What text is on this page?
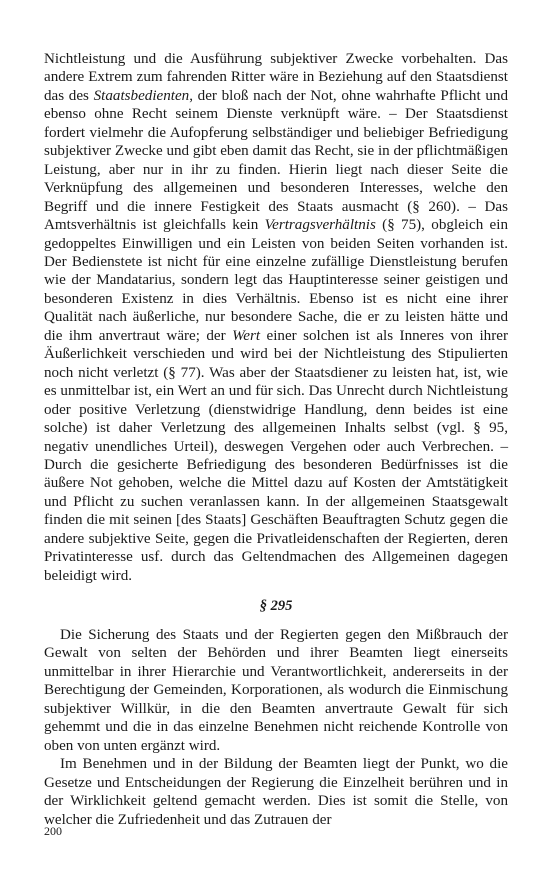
Nichtleistung und die Ausführung subjektiver Zwecke vorbehalten. Das andere Extrem zum fahrenden Ritter wäre in Beziehung auf den Staatsdienst das des Staatsbedienten, der bloß nach der Not, ohne wahrhafte Pflicht und ebenso ohne Recht seinem Dienste verknüpft wäre. – Der Staatsdienst fordert vielmehr die Aufopferung selbständiger und beliebiger Befriedigung subjektiver Zwecke und gibt eben damit das Recht, sie in der pflichtmäßigen Leistung, aber nur in ihr zu finden. Hierin liegt nach dieser Seite die Verknüpfung des allgemeinen und besonderen Interesses, welche den Begriff und die innere Festigkeit des Staats ausmacht (§ 260). – Das Amtsverhältnis ist gleichfalls kein Vertragsverhältnis (§ 75), obgleich ein gedoppeltes Einwilligen und ein Leisten von beiden Seiten vorhanden ist. Der Bedienstete ist nicht für eine einzelne zufällige Dienstleistung berufen wie der Mandatarius, sondern legt das Hauptinteresse seiner geistigen und besonderen Existenz in dies Verhältnis. Ebenso ist es nicht eine ihrer Qualität nach äußerliche, nur besondere Sache, die er zu leisten hätte und die ihm anvertraut wäre; der Wert einer solchen ist als Inneres von ihrer Äußerlichkeit verschieden und wird bei der Nichtleistung des Stipulierten noch nicht verletzt (§ 77). Was aber der Staatsdiener zu leisten hat, ist, wie es unmittelbar ist, ein Wert an und für sich. Das Unrecht durch Nichtleistung oder positive Verletzung (dienstwidrige Handlung, denn beides ist eine solche) ist daher Verletzung des allgemeinen Inhalts selbst (vgl. § 95, negativ unendliches Urteil), deswegen Vergehen oder auch Verbrechen. – Durch die gesicherte Befriedigung des besonderen Bedürfnisses ist die äußere Not gehoben, welche die Mittel dazu auf Kosten der Amtstätigkeit und Pflicht zu suchen veranlassen kann. In der allgemeinen Staatsgewalt finden die mit seinen [des Staats] Geschäften Beauftragten Schutz gegen die andere subjektive Seite, gegen die Privatleidenschaften der Regierten, deren Privatinteresse usf. durch das Geltendmachen des Allgemeinen dagegen beleidigt wird.

§ 295

Die Sicherung des Staats und der Regierten gegen den Mißbrauch der Gewalt von selten der Behörden und ihrer Beamten liegt einerseits unmittelbar in ihrer Hierarchie und Verantwortlichkeit, andererseits in der Berechtigung der Gemeinden, Korporationen, als wodurch die Einmischung subjektiver Willkür, in die den Beamten anvertraute Gewalt für sich gehemmt und die in das einzelne Benehmen nicht reichende Kontrolle von oben von unten ergänzt wird.

Im Benehmen und in der Bildung der Beamten liegt der Punkt, wo die Gesetze und Entscheidungen der Regierung die Einzelheit berühren und in der Wirklichkeit geltend gemacht werden. Dies ist somit die Stelle, von welcher die Zufriedenheit und das Zutrauen der

200
